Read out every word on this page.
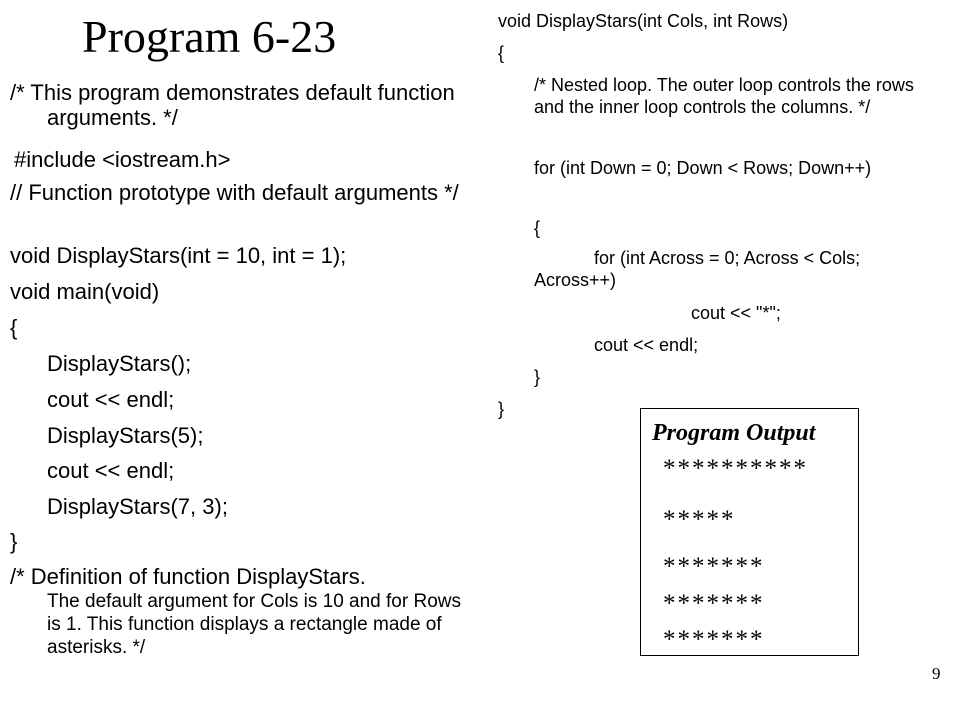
Program 6-23

/* This program demonstrates default function arguments. */

#include <iostream.h>

// Function prototype with default arguments */

void DisplayStars(int = 10, int = 1);

void main(void)

{

DisplayStars();

cout << endl;

DisplayStars(5);

cout << endl;

DisplayStars(7, 3);

}

/* Definition of function DisplayStars.

The default argument for Cols is 10 and for Rows is 1. This function displays a rectangle made of asterisks. */

void DisplayStars(int Cols, int Rows)

{

/* Nested loop. The outer loop controls the rows and the inner loop controls the columns. */

for (int Down = 0; Down < Rows; Down++)

{

for (int Across = 0; Across < Cols; Across++)

cout << "*";

cout << endl;

}

}

Program Output
**********
*****
*******
*******
*******
9
